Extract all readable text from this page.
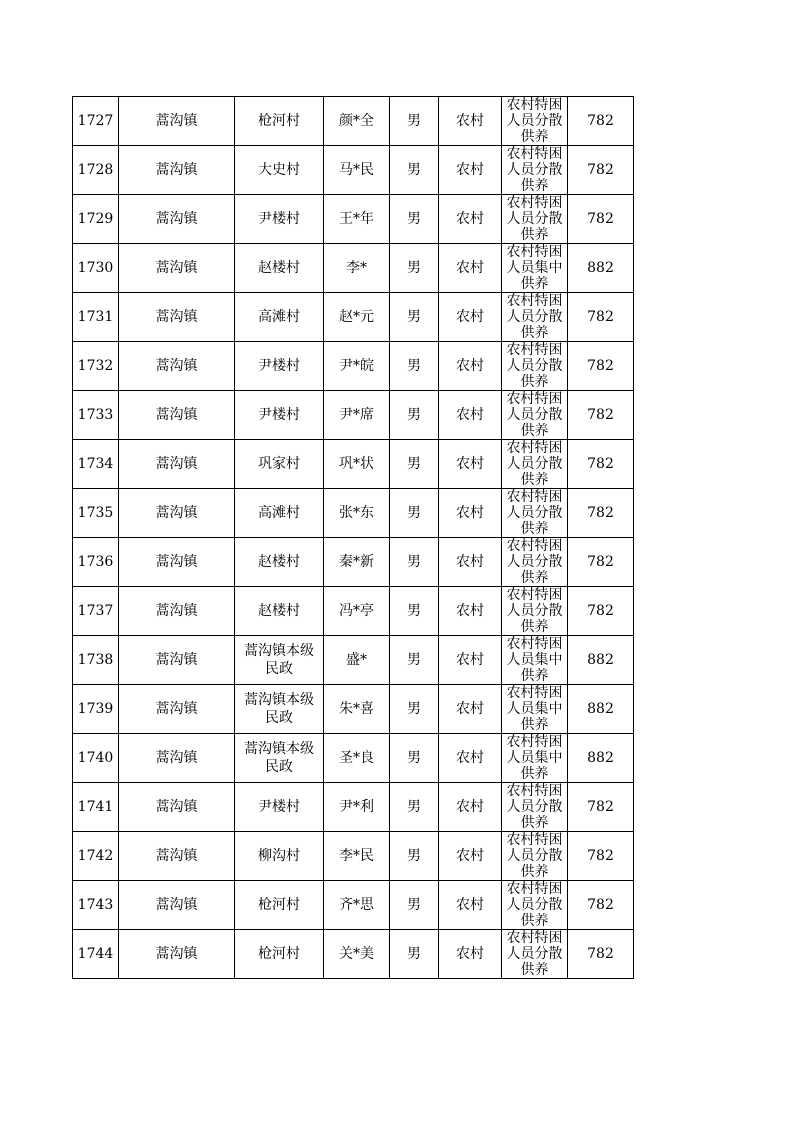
1727	蒿沟镇	枪河村	颜*全	男	农村	农村特困人员分散供养	782
1728	蒿沟镇	大史村	马*民	男	农村	农村特困人员分散供养	782
1729	蒿沟镇	尹楼村	王*年	男	农村	农村特困人员分散供养	782
1730	蒿沟镇	赵楼村	李*	男	农村	农村特困人员集中供养	882
1731	蒿沟镇	高滩村	赵*元	男	农村	农村特困人员分散供养	782
1732	蒿沟镇	尹楼村	尹*皖	男	农村	农村特困人员分散供养	782
1733	蒿沟镇	尹楼村	尹*席	男	农村	农村特困人员分散供养	782
1734	蒿沟镇	巩家村	巩*状	男	农村	农村特困人员分散供养	782
1735	蒿沟镇	高滩村	张*东	男	农村	农村特困人员分散供养	782
1736	蒿沟镇	赵楼村	秦*新	男	农村	农村特困人员分散供养	782
1737	蒿沟镇	赵楼村	冯*亭	男	农村	农村特困人员分散供养	782
1738	蒿沟镇	蒿沟镇本级民政	盛*	男	农村	农村特困人员集中供养	882
1739	蒿沟镇	蒿沟镇本级民政	朱*喜	男	农村	农村特困人员集中供养	882
1740	蒿沟镇	蒿沟镇本级民政	圣*良	男	农村	农村特困人员集中供养	882
1741	蒿沟镇	尹楼村	尹*利	男	农村	农村特困人员分散供养	782
1742	蒿沟镇	柳沟村	李*民	男	农村	农村特困人员分散供养	782
1743	蒿沟镇	枪河村	齐*思	男	农村	农村特困人员分散供养	782
1744	蒿沟镇	枪河村	关*美	男	农村	农村特困人员分散供养	782
